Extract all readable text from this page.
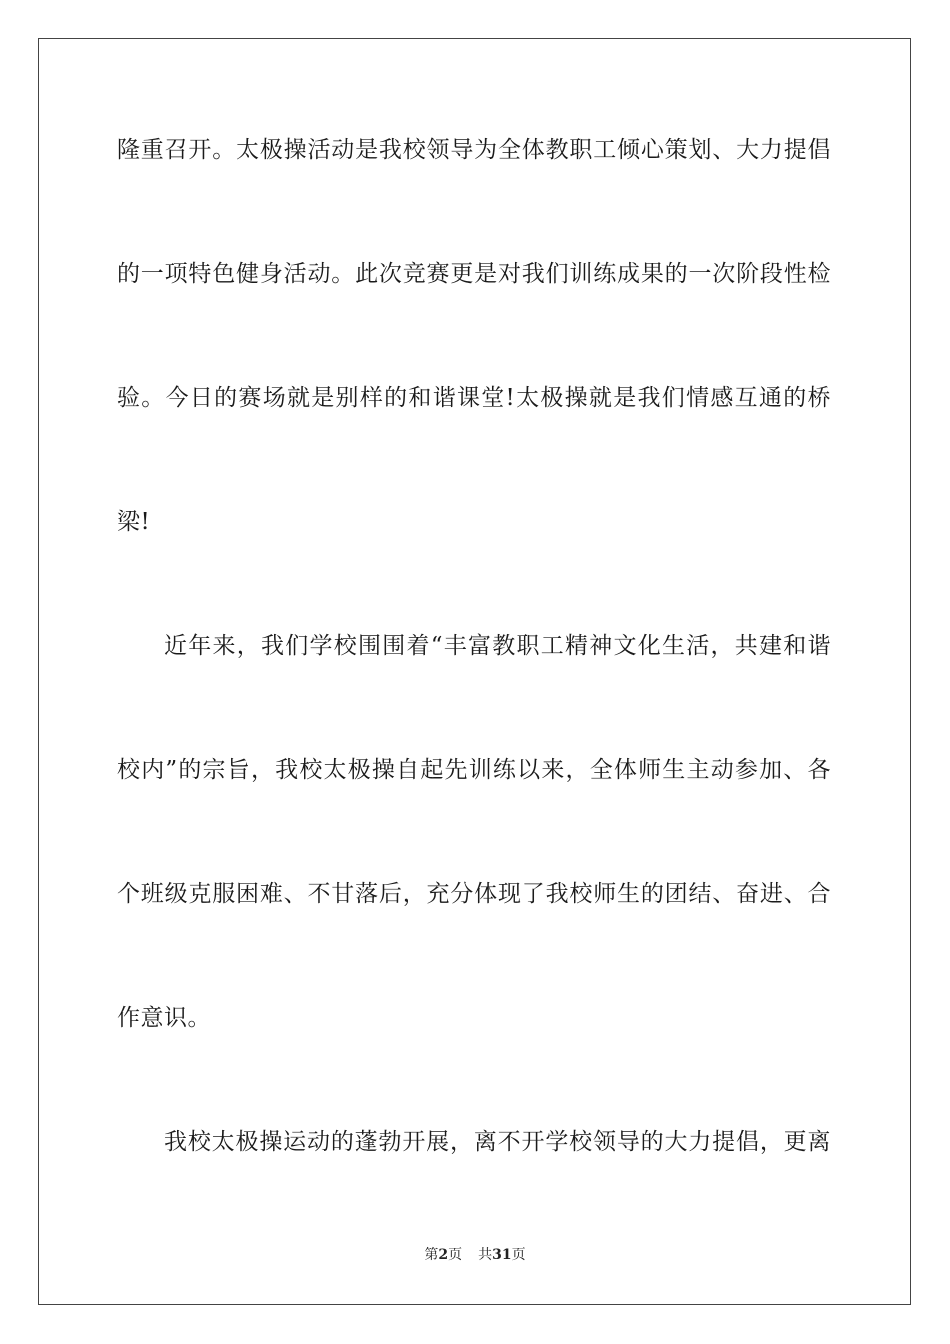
隆重召开。太极操活动是我校领导为全体教职工倾心策划、大力提倡
的一项特色健身活动。此次竞赛更是对我们训练成果的一次阶段性检
验。今日的赛场就是别样的和谐课堂!太极操就是我们情感互通的桥
梁!
近年来，我们学校围围着“丰富教职工精神文化生活，共建和谐
校内”的宗旨，我校太极操自起先训练以来，全体师生主动参加、各
个班级克服困难、不甘落后，充分体现了我校师生的团结、奋进、合
作意识。
我校太极操运动的蓬勃开展，离不开学校领导的大力提倡，更离
第2页 共31页
